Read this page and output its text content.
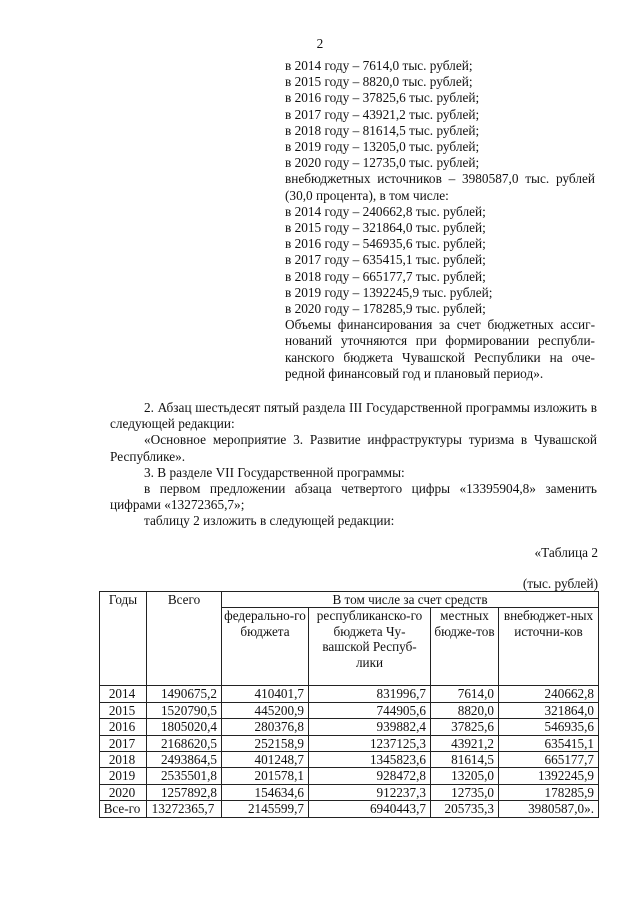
2
в 2014 году – 7614,0 тыс. рублей;
в 2015 году – 8820,0 тыс. рублей;
в 2016 году – 37825,6 тыс. рублей;
в 2017 году – 43921,2 тыс. рублей;
в 2018 году – 81614,5 тыс. рублей;
в 2019 году – 13205,0 тыс. рублей;
в 2020 году – 12735,0 тыс. рублей;
внебюджетных источников – 3980587,0 тыс. рублей
(30,0 процента), в том числе:
в 2014 году – 240662,8 тыс. рублей;
в 2015 году – 321864,0 тыс. рублей;
в 2016 году – 546935,6 тыс. рублей;
в 2017 году – 635415,1 тыс. рублей;
в 2018 году – 665177,7 тыс. рублей;
в 2019 году – 1392245,9 тыс. рублей;
в 2020 году – 178285,9 тыс. рублей;
Объемы финансирования за счет бюджетных ассиг-
нований уточняются при формировании республи-
канского бюджета Чувашской Республики на оче-
редной финансовый год и плановый период».
2. Абзац шестьдесят пятый раздела III Государственной программы изложить в следующей редакции:
«Основное мероприятие 3. Развитие инфраструктуры туризма в Чувашской Республике».
3. В разделе VII Государственной программы:
в первом предложении абзаца четвертого цифры «13395904,8» заменить цифрами «13272365,7»;
таблицу 2 изложить в следующей редакции:
«Таблица 2
(тыс. рублей)
Годы	Всего	В том числе за счет средств			
		федерально-го бюджета	республиканско-го бюджета Чу-вашской Респуб-лики	местных бюдже-тов	внебюджет-ных источни-ков
2014	1490675,2	410401,7	831996,7	7614,0	240662,8
2015	1520790,5	445200,9	744905,6	8820,0	321864,0
2016	1805020,4	280376,8	939882,4	37825,6	546935,6
2017	2168620,5	252158,9	1237125,3	43921,2	635415,1
2018	2493864,5	401248,7	1345823,6	81614,5	665177,7
2019	2535501,8	201578,1	928472,8	13205,0	1392245,9
2020	1257892,8	154634,6	912237,3	12735,0	178285,9
Все-го	13272365,7	2145599,7	6940443,7	205735,3	3980587,0».
